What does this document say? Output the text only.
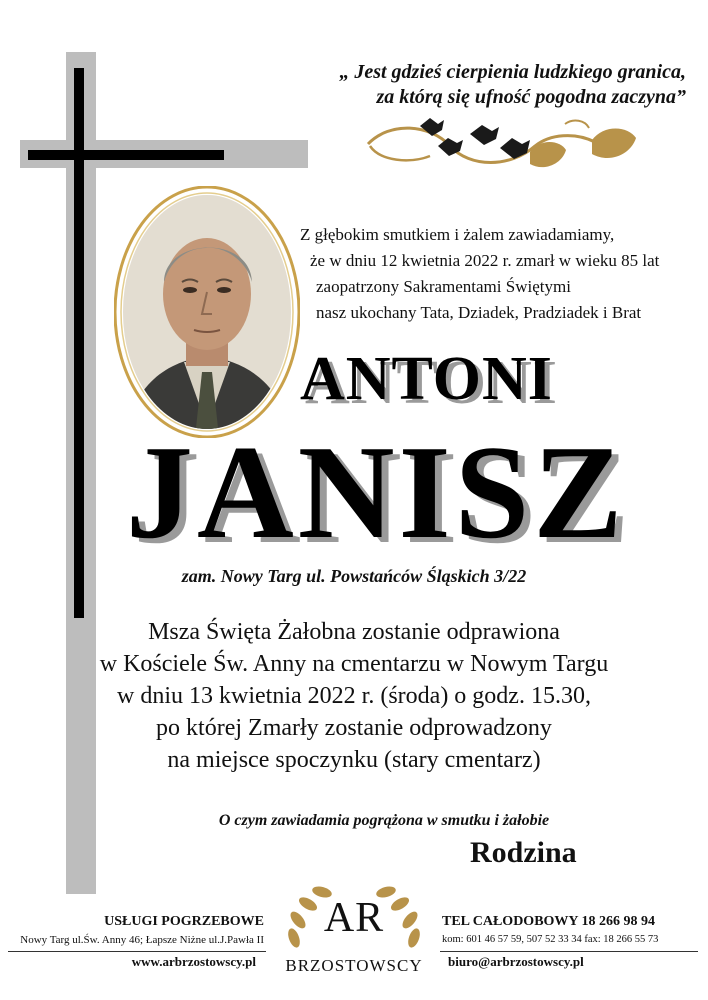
„ Jest gdzieś cierpienia ludzkiego granica,
za którą się ufność pogodna zaczyna”
Z głębokim smutkiem i żalem zawiadamiamy,
że w dniu 12 kwietnia 2022 r. zmarł w wieku 85 lat
zaopatrzony Sakramentami Świętymi
nasz ukochany Tata, Dziadek, Pradziadek i Brat
ANTONI
JANISZ
zam. Nowy Targ ul. Powstańców Śląskich 3/22
Msza Święta Żałobna zostanie odprawiona
w Kościele Św. Anny na cmentarzu w Nowym Targu
w dniu 13 kwietnia 2022 r. (środa) o godz. 15.30,
po której Zmarły zostanie odprowadzony
na miejsce spoczynku (stary cmentarz)
O czym zawiadamia pogrążona w smutku i żałobie
Rodzina
USŁUGI POGRZEBOWE
Nowy Targ ul.Św. Anny 46; Łapsze Niżne ul.J.Pawła II
www.arbrzostowscy.pl
AR
BRZOSTOWSCY
TEL CAŁODOBOWY 18 266 98 94
kom: 601 46 57 59, 507 52 33 34 fax: 18 266 55 73
biuro@arbrzostowscy.pl
